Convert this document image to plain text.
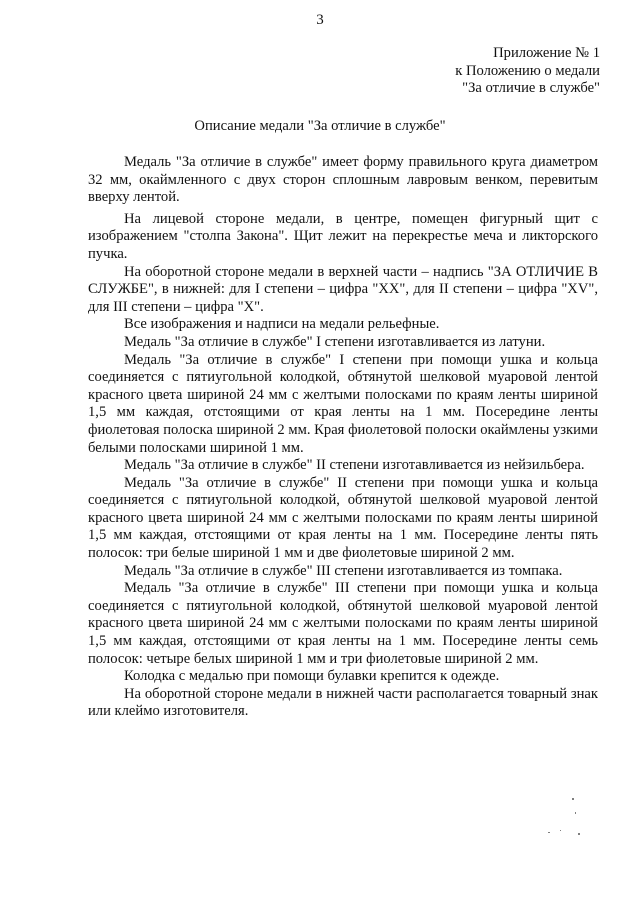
3
Приложение № 1
к Положению о медали
"За отличие в службе"
Описание медали "За отличие в службе"

Медаль "За отличие в службе" имеет форму правильного круга диаметром 32 мм, окаймленного с двух сторон сплошным лавровым венком, перевитым вверху лентой.

На лицевой стороне медали, в центре, помещен фигурный щит с изображением "столпа Закона". Щит лежит на перекрестье меча и ликторского пучка.

На оборотной стороне медали в верхней части – надпись "ЗА ОТЛИЧИЕ В СЛУЖБЕ", в нижней: для I степени – цифра "XX", для II степени – цифра "XV", для III степени – цифра "X".

Все изображения и надписи на медали рельефные.

Медаль "За отличие в службе" I степени изготавливается из латуни.

Медаль "За отличие в службе" I степени при помощи ушка и кольца соединяется с пятиугольной колодкой, обтянутой шелковой муаровой лентой красного цвета шириной 24 мм с желтыми полосками по краям ленты шириной 1,5 мм каждая, отстоящими от края ленты на 1 мм. Посередине ленты фиолетовая полоска шириной 2 мм. Края фиолетовой полоски окаймлены узкими белыми полосками шириной 1 мм.

Медаль "За отличие в службе" II степени изготавливается из нейзильбера.

Медаль "За отличие в службе" II степени при помощи ушка и кольца соединяется с пятиугольной колодкой, обтянутой шелковой муаровой лентой красного цвета шириной 24 мм с желтыми полосками по краям ленты шириной 1,5 мм каждая, отстоящими от края ленты на 1 мм. Посередине ленты пять полосок: три белые шириной 1 мм и две фиолетовые шириной 2 мм.

Медаль "За отличие в службе" III степени изготавливается из томпака.

Медаль "За отличие в службе" III степени при помощи ушка и кольца соединяется с пятиугольной колодкой, обтянутой шелковой муаровой лентой красного цвета шириной 24 мм с желтыми полосками по краям ленты шириной 1,5 мм каждая, отстоящими от края ленты на 1 мм. Посередине ленты семь полосок: четыре белых шириной 1 мм и три фиолетовые шириной 2 мм.

Колодка с медалью при помощи булавки крепится к одежде.

На оборотной стороне медали в нижней части располагается товарный знак или клеймо изготовителя.
